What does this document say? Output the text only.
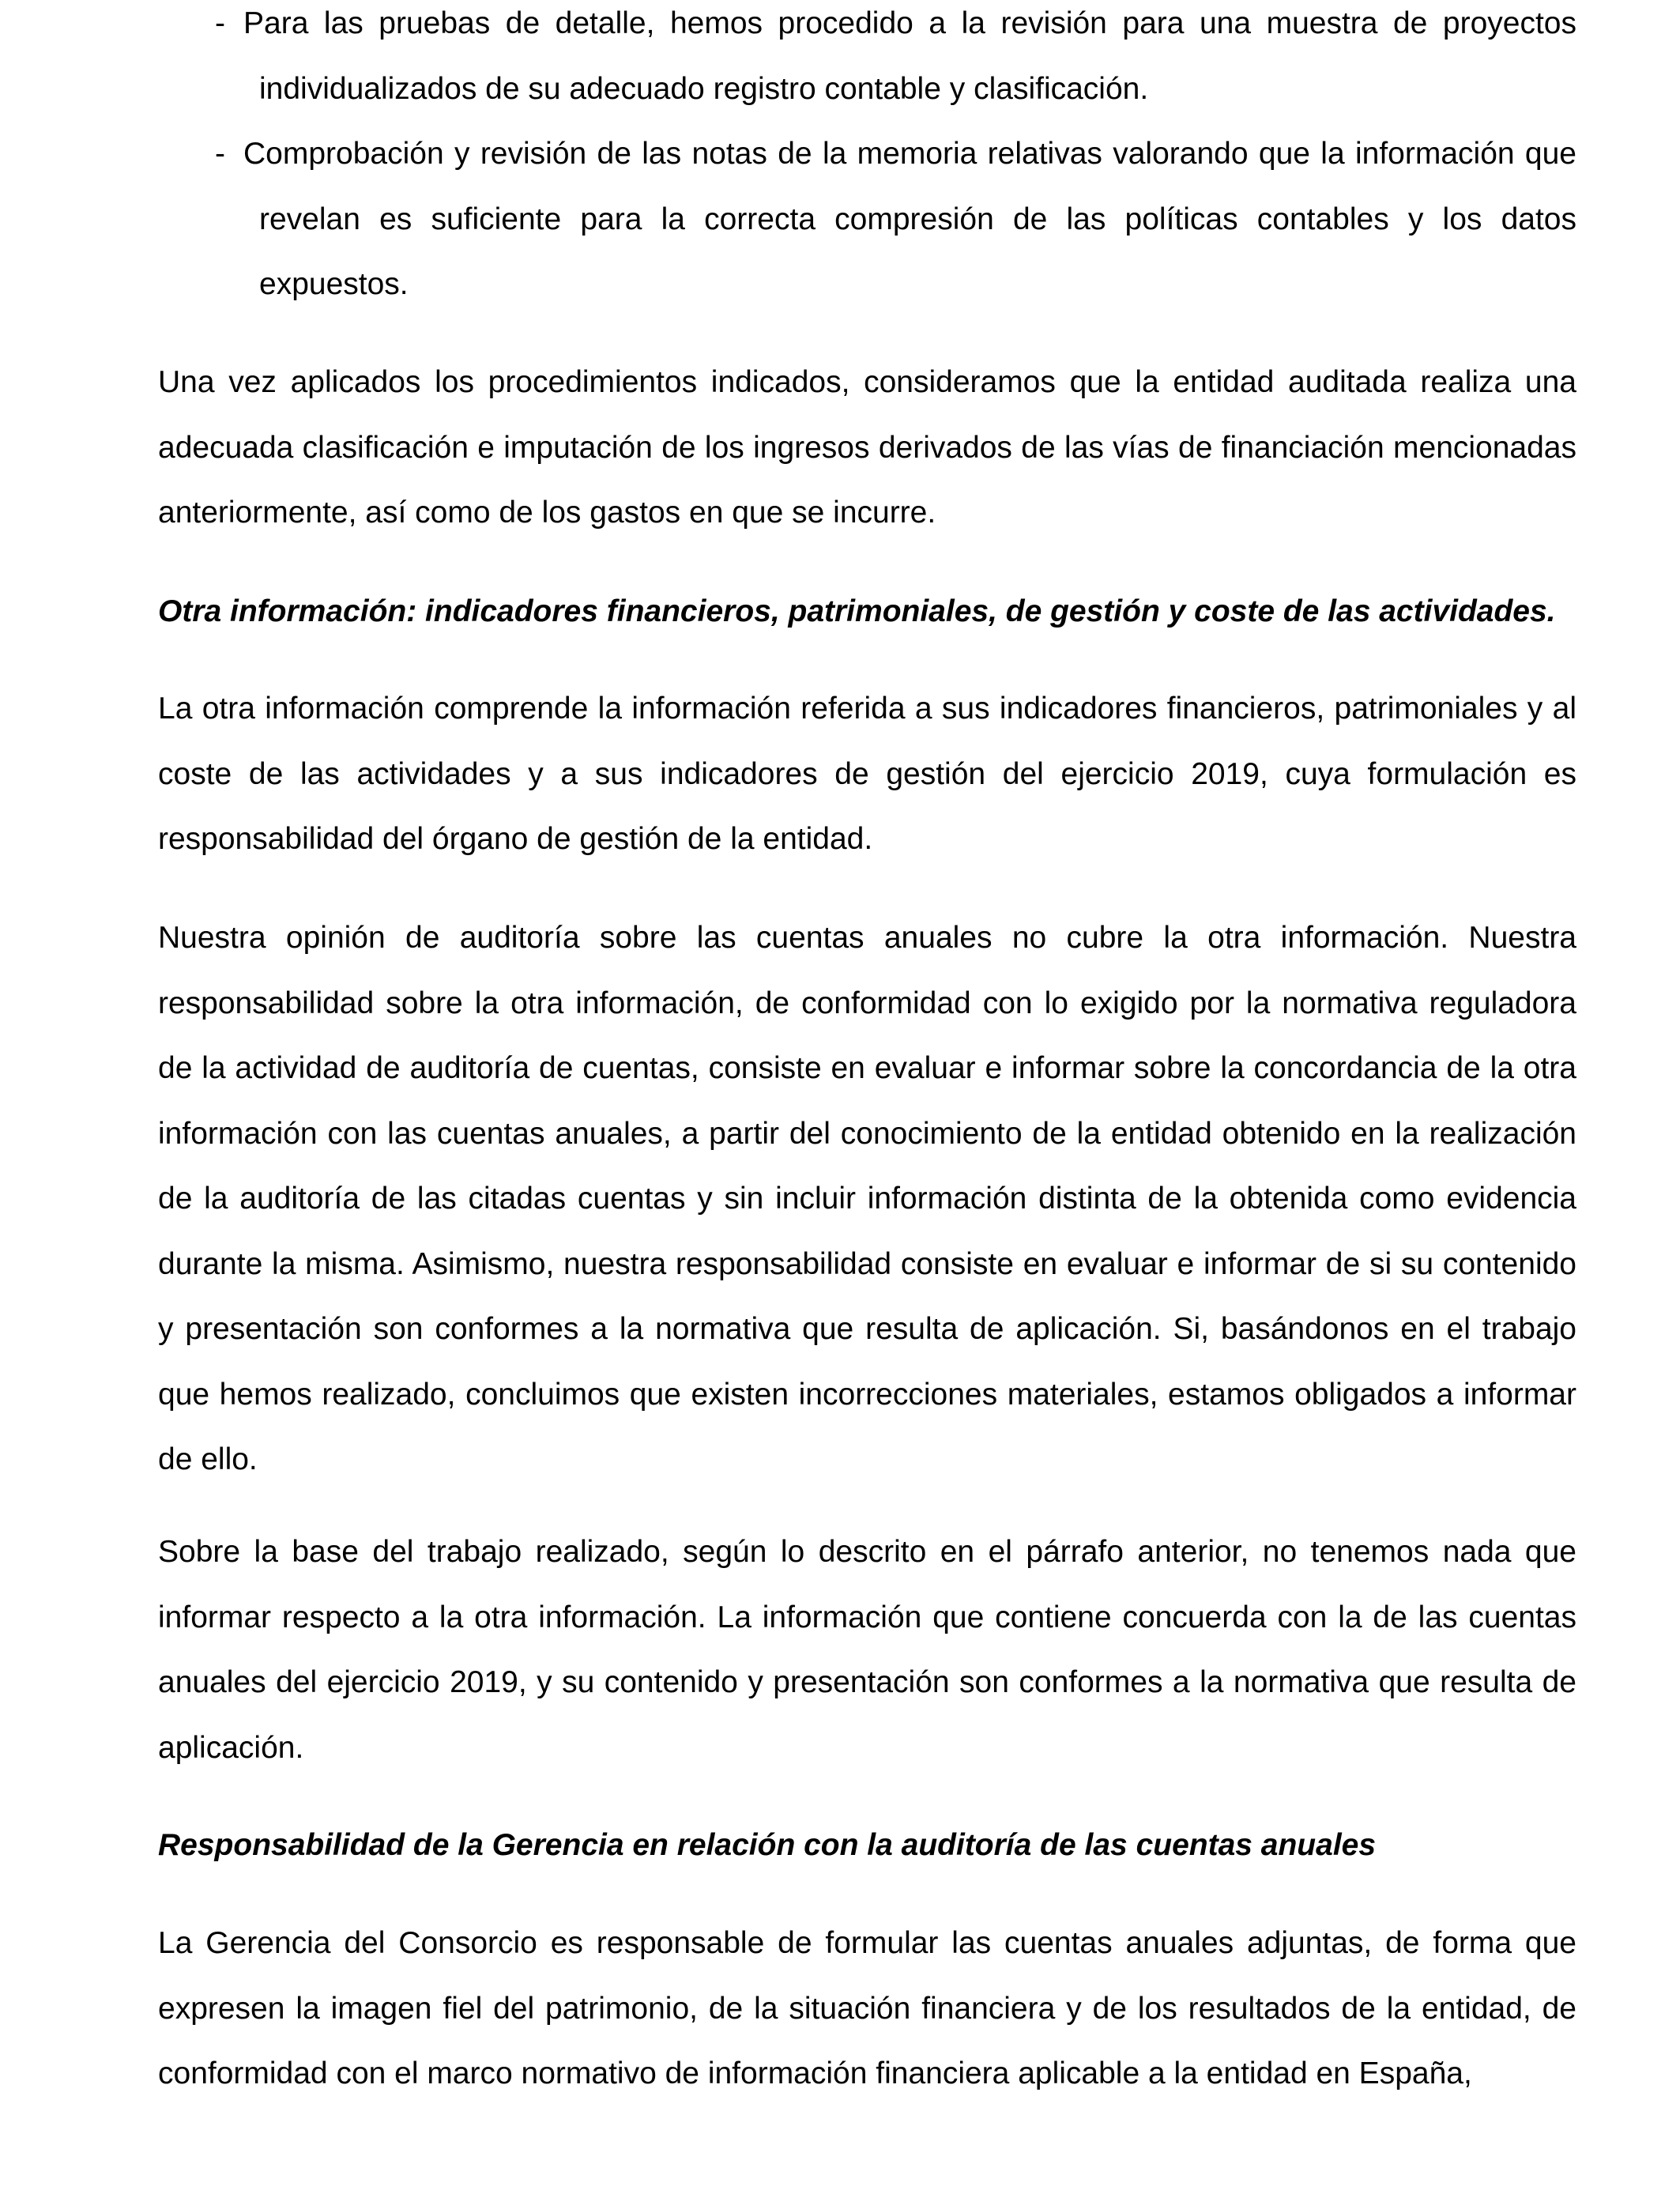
- Para las pruebas de detalle, hemos procedido a la revisión para una muestra de proyectos individualizados de su adecuado registro contable y clasificación.
- Comprobación y revisión de las notas de la memoria relativas valorando que la información que revelan es suficiente para la correcta compresión de las políticas contables y los datos expuestos.

Una vez aplicados los procedimientos indicados, consideramos que la entidad auditada realiza una adecuada clasificación e imputación de los ingresos derivados de las vías de financiación mencionadas anteriormente, así como de los gastos en que se incurre.

Otra información: indicadores financieros, patrimoniales, de gestión y coste de las actividades.

La otra información comprende la información referida a sus indicadores financieros, patrimoniales y al coste de las actividades y a sus indicadores de gestión del ejercicio 2019, cuya formulación es responsabilidad del órgano de gestión de la entidad.

Nuestra opinión de auditoría sobre las cuentas anuales no cubre la otra información. Nuestra responsabilidad sobre la otra información, de conformidad con lo exigido por la normativa reguladora de la actividad de auditoría de cuentas, consiste en evaluar e informar sobre la concordancia de la otra información con las cuentas anuales, a partir del conocimiento de la entidad obtenido en la realización de la auditoría de las citadas cuentas y sin incluir información distinta de la obtenida como evidencia durante la misma. Asimismo, nuestra responsabilidad consiste en evaluar e informar de si su contenido y presentación son conformes a la normativa que resulta de aplicación. Si, basándonos en el trabajo que hemos realizado, concluimos que existen incorrecciones materiales, estamos obligados a informar de ello.

Sobre la base del trabajo realizado, según lo descrito en el párrafo anterior, no tenemos nada que informar respecto a la otra información. La información que contiene concuerda con la de las cuentas anuales del ejercicio 2019, y su contenido y presentación son conformes a la normativa que resulta de aplicación.

Responsabilidad de la Gerencia en relación con la auditoría de las cuentas anuales

La Gerencia del Consorcio es responsable de formular las cuentas anuales adjuntas, de forma que expresen la imagen fiel del patrimonio, de la situación financiera y de los resultados de la entidad, de conformidad con el marco normativo de información financiera aplicable a la entidad en España,
